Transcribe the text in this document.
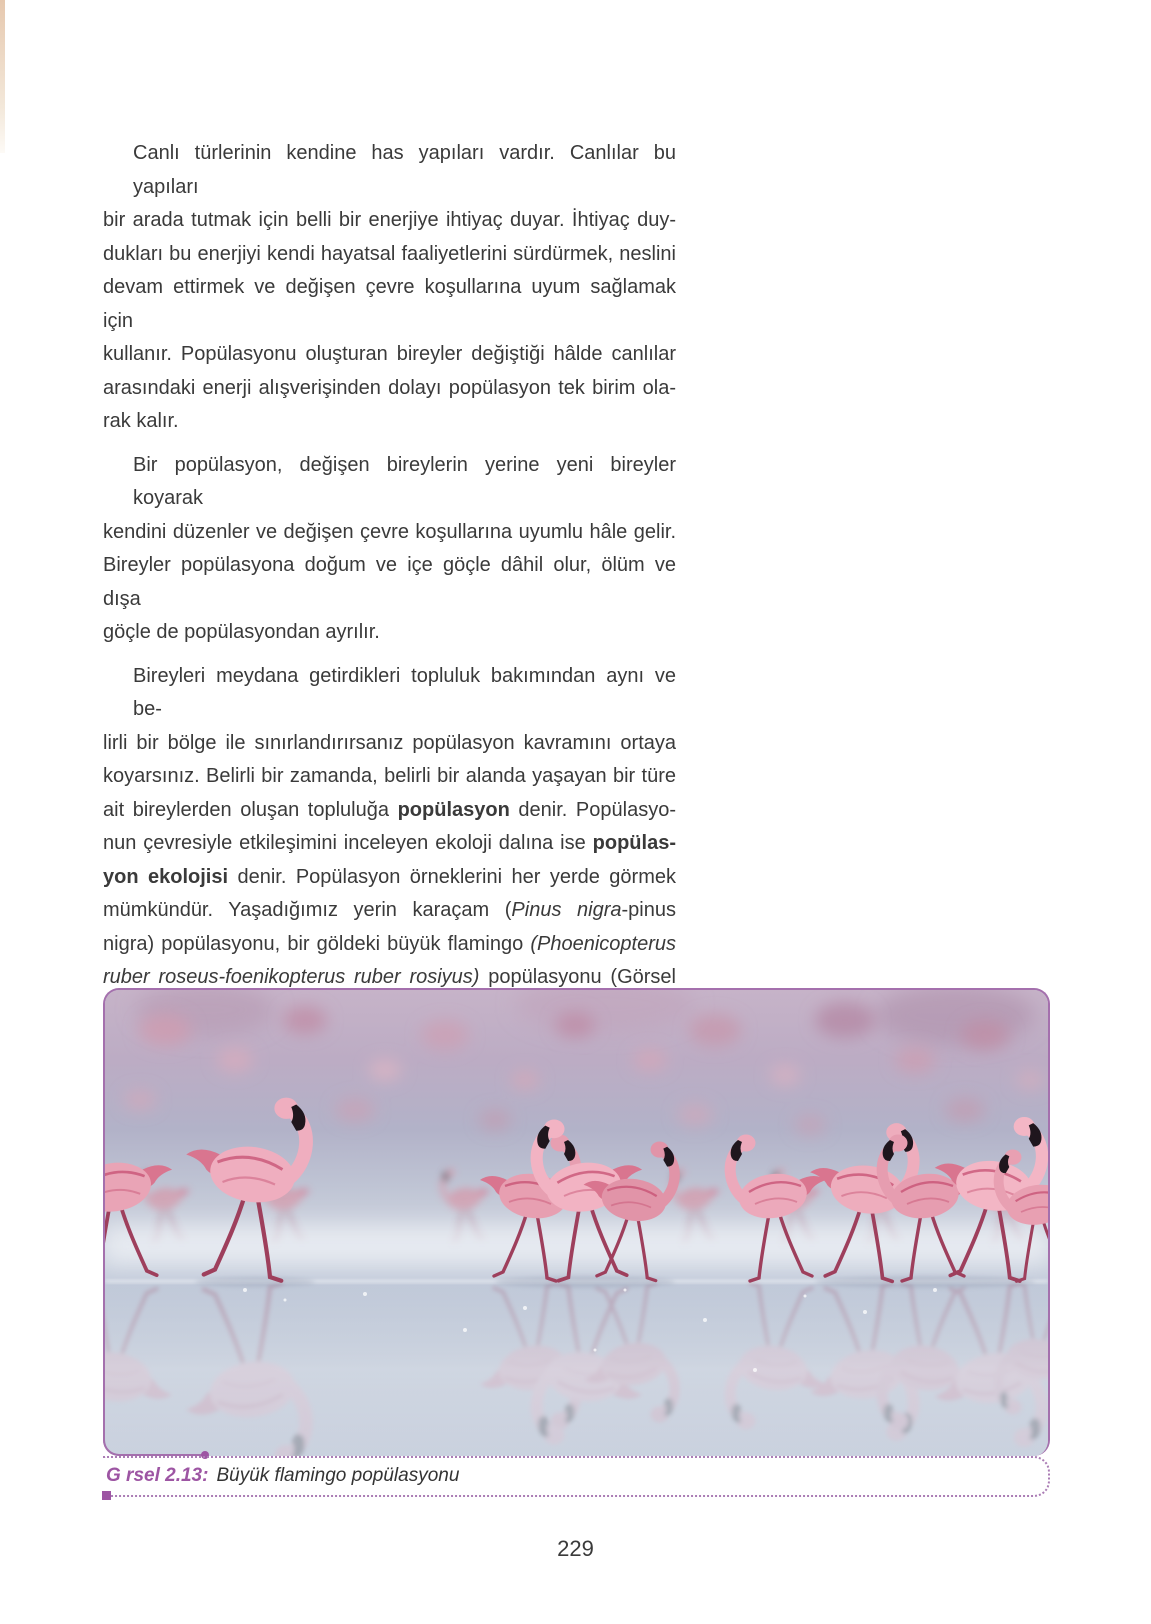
Canlı türlerinin kendine has yapıları vardır. Canlılar bu yapıları
bir arada tutmak için belli bir enerjiye ihtiyaç duyar. İhtiyaç duy-
dukları bu enerjiyi kendi hayatsal faaliyetlerini sürdürmek, neslini
devam ettirmek ve değişen çevre koşullarına uyum sağlamak için
kullanır. Popülasyonu oluşturan bireyler değiştiği hâlde canlılar
arasındaki enerji alışverişinden dolayı popülasyon tek birim ola-
rak kalır.
Bir popülasyon, değişen bireylerin yerine yeni bireyler koyarak
kendini düzenler ve değişen çevre koşullarına uyumlu hâle gelir.
Bireyler popülasyona doğum ve içe göçle dâhil olur, ölüm ve dışa
göçle de popülasyondan ayrılır.
Bireyleri meydana getirdikleri topluluk bakımından aynı ve be-
lirli bir bölge ile sınırlandırırsanız popülasyon kavramını ortaya
koyarsınız. Belirli bir zamanda, belirli bir alanda yaşayan bir türe
ait bireylerden oluşan topluluğa popülasyon denir. Popülasyo-
nun çevresiyle etkileşimini inceleyen ekoloji dalına ise popülas-
yon ekolojisi denir. Popülasyon örneklerini her yerde görmek
mümkündür. Yaşadığımız yerin karaçam (Pinus nigra-pinus
nigra) popülasyonu, bir göldeki büyük flamingo (Phoenicopterus
ruber roseus-foenikopterus ruber rosiyus) popülasyonu (Görsel
G rsel 2.13: Büyük flamingo popülasyonu
229
